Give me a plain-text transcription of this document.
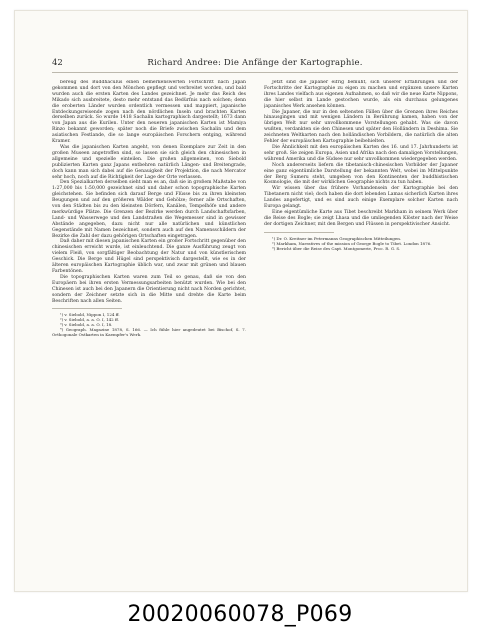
42	Richard Andree: Die Anfänge der Kartographie.

bereug des Buddhaculus einen bemerkenswerten Fortschritt nach Japan gekommen und dort von den Mönchen gepflegt und verbreitet worden, und bald wurden auch die ersten Karten des Landes gezeichnet. Je mehr das Reich des Mikado sich ausbreitete, desto mehr entstand das Bedürfnis nach solchen; denn die eroberten Länder wurden ordentlich vermessen und mappiert, japanische Entdeckungsreisende zogen nach den nördlichen Inseln und brachten Karten derselben zurück. So wurde 1418 Sachalin kartographisch dargestellt; 1673 dann von Japan aus die Kurilen. Unter den neueren japanischen Karten ist Mamiya Rinzo bekannt geworden; später noch die Briefe zwischen Sachalin und dem asiatischen Festlande, die so lange europäischen Forschern entging, während Kramer.

Was die japanischen Karten angeht, von denen Exemplare zur Zeit in den großen Museen angetroffen sind, so lassen sie sich gleich den chinesischen in allgemeine und spezielle einteilen. Die großen allgemeinen, von Siebold publizierten Karten ganz Japans entbehren natürlich Längen- und Breitengrade, doch kann man sich dabei auf die Genauigkeit der Projektion, die nach Mercator sehr hoch, noch auf die Richtigkeit der Lage der Orte verlassen.

Den Spezialkarten derselben sieht man es an, daß sie in großem Maßstabe von 1:27,000 bis 1:50,000 gezeichnet sind und daher schon topographische Karten gleichstehen. Sie befinden sich darauf Berge und Flüsse bis zu ihren kleinsten Beugungen und auf den größeren Wälder und Gehölze; ferner alle Ortschaften, von den Städten bis zu den kleinsten Dörfern, Kanälen, Tempelhöfe und andere merkwürdige Plätze. Die Grenzen der Bezirke werden durch Landschaftsfarben, Land- und Wasserwege und den Landstraßen die Wegemesser sind in gewisser Abstände angegeben, dazu nicht nur alle natürlichen und künstlichen Gegenstände mit Namen bezeichnet, sondern auch auf den Namensschildern der Bezirke die Zahl der dazu gehörigen Ortschaften eingetragen.

Daß daher mit diesen japanischen Karten ein großer Fortschritt gegenüber den chinesischen erreicht wurde, ist einleuchtend. Die ganze Ausführung zeugt von vielem Fleiß, von sorgfältiger Beobachtung der Natur und von künstlerischem Geschick. Die Berge und Hügel sind perspektivisch dargestellt, wie es in der älteren europäischen Kartographie üblich war, und zwar mit grünen und blauen Farbentönen.

Die topographischen Karten waren zum Teil so genau, daß sie von den Europäern bei ihren ersten Vermessungsarbeiten benützt wurden. Wie bei den Chinesen ist auch bei den Japanern die Orientierung nicht nach Norden gerichtet, sondern der Zeichner setzte sich in die Mitte und drehte die Karte beim Beschriften nach allen Seiten.

¹) v. Siebold, Nippon I, 124 ff.

²) v. Siebold, a. a. O. I, 142 ff.

³) v. Siebold, a. a. O. I, 18.

⁴) Geograph. Magazine 1878, S. 166. — Ich fühle hier angedeutet bei Bischof, S. 7. Orthogonale Ostkarten in Kaempfer's Werk.

Jetzt sind die Japaner eifrig bemüht, sich unserer Erfahrungen und der Fortschritte der Kartographie zu eigen zu machen und ergänzen unsere Karten ihres Landes vielfach aus eigenen Aufnahmen, so daß wir die neue Karte Nippons, die hier selbst im Lande gestochen wurde, als ein durchaus gelungenes japanisches Werk ansehen können.

Die Japaner, die nur in den seltensten Fällen über die Grenzen ihres Reiches hinausgingen und mit wenigen Ländern in Berührung kamen, haben von der übrigen Welt nur sehr unvollkommene Vorstellungen gehabt. Was sie davon wußten, verdankten sie den Chinesen und später den Holländern in Deshima. Sie zeichneten Weltkarten nach den holländischen Vorbildern, die natürlich die alten Fehler der europäischen Kartographie beibehielten.

Die Ähnlichkeit mit den europäischen Karten des 16. und 17. Jahrhunderts ist sehr groß. Sie zeigen Europa, Asien und Afrika nach den damaligen Vorstellungen, während Amerika und die Südsee nur sehr unvollkommen wiedergegeben werden.

Noch andererseits liefern die tibetanisch-chinesischen Vorbilder der Japaner eine ganz eigentümliche Darstellung der bekannten Welt, wobei im Mittelpunkte der Berg Sumeru steht, umgeben von den Kontinenten der buddhistischen Kosmologie, die mit der wirklichen Geographie nichts zu tun haben.

Wir wissen über das frühere Vorhandensein der Kartographie bei den Tibetanern nicht viel; doch haben die dort lebenden Lamas sicherlich Karten ihres Landes angefertigt, und es sind auch einige Exemplare solcher Karten nach Europa gelangt.

Eine eigentümliche Karte aus Tibet beschreibt Markham in seinem Werk über die Reise des Bogle; sie zeigt Lhasa und die umliegenden Klöster nach der Weise der dortigen Zeichner, mit den Bergen und Flüssen in perspektivischer Ansicht.

¹) Dr. O. Kreitner im Petermanns Geographischen Mitteilungen.

²) Markham, Narratives of the mission of George Bogle to Tibet. London 1876.

³) Bericht über die Reise des Capt. Montgomerie, Proc. R. G. S.

20020060078_P069
